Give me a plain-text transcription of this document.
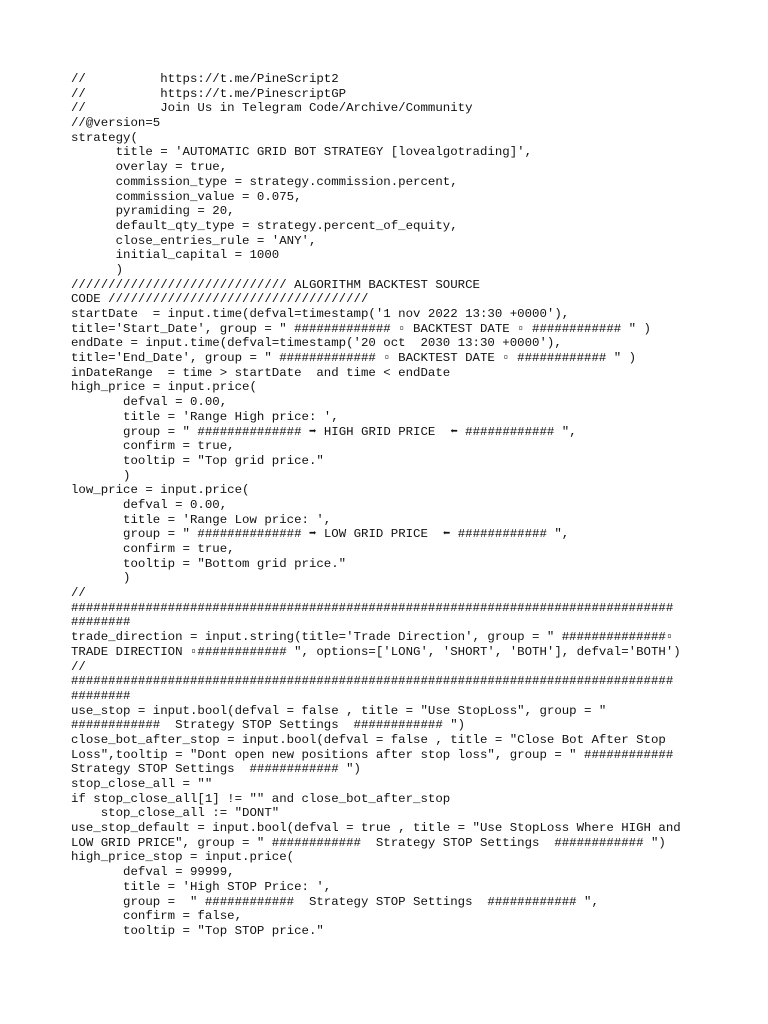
//          https://t.me/PineScript2
//          https://t.me/PinescriptGP
//          Join Us in Telegram Code/Archive/Community
//@version=5
strategy(
title = 'AUTOMATIC GRID BOT STRATEGY [lovealgotrading]',
overlay = true,
commission_type = strategy.commission.percent,
commission_value = 0.075,
pyramiding = 20,
default_qty_type = strategy.percent_of_equity,
close_entries_rule = 'ANY',
initial_capital = 1000
)
///////////////////////////// ALGORITHM BACKTEST SOURCE
CODE ///////////////////////////////////
startDate  = input.time(defval=timestamp('1 nov 2022 13:30 +0000'),
title='Start_Date', group = " ############# ▫ BACKTEST DATE ▫ ############ " )
endDate = input.time(defval=timestamp('20 oct  2030 13:30 +0000'),
title='End_Date', group = " ############# ▫ BACKTEST DATE ▫ ############ " )
inDateRange  = time > startDate  and time < endDate
high_price = input.price(
defval = 0.00,
title = 'Range High price: ',
group = " ############## ➡ HIGH GRID PRICE  ⬅ ############ ",
confirm = true,
tooltip = "Top grid price."
)
low_price = input.price(
defval = 0.00,
title = 'Range Low price: ',
group = " ############## ➡ LOW GRID PRICE  ⬅ ############ ",
confirm = true,
tooltip = "Bottom grid price."
)
//
#################################################################################
########
trade_direction = input.string(title='Trade Direction', group = " ##############▫
TRADE DIRECTION ▫############ ", options=['LONG', 'SHORT', 'BOTH'], defval='BOTH')
//
#################################################################################
########
use_stop = input.bool(defval = false , title = "Use StopLoss", group = "
############  Strategy STOP Settings  ############ ")
close_bot_after_stop = input.bool(defval = false , title = "Close Bot After Stop
Loss",tooltip = "Dont open new positions after stop loss", group = " ############
Strategy STOP Settings  ############ ")
stop_close_all = ""
if stop_close_all[1] != "" and close_bot_after_stop
stop_close_all := "DONT"
use_stop_default = input.bool(defval = true , title = "Use StopLoss Where HIGH and
LOW GRID PRICE", group = " ############  Strategy STOP Settings  ############ ")
high_price_stop = input.price(
defval = 99999,
title = 'High STOP Price: ',
group =  " ############  Strategy STOP Settings  ############ ",
confirm = false,
tooltip = "Top STOP price."
